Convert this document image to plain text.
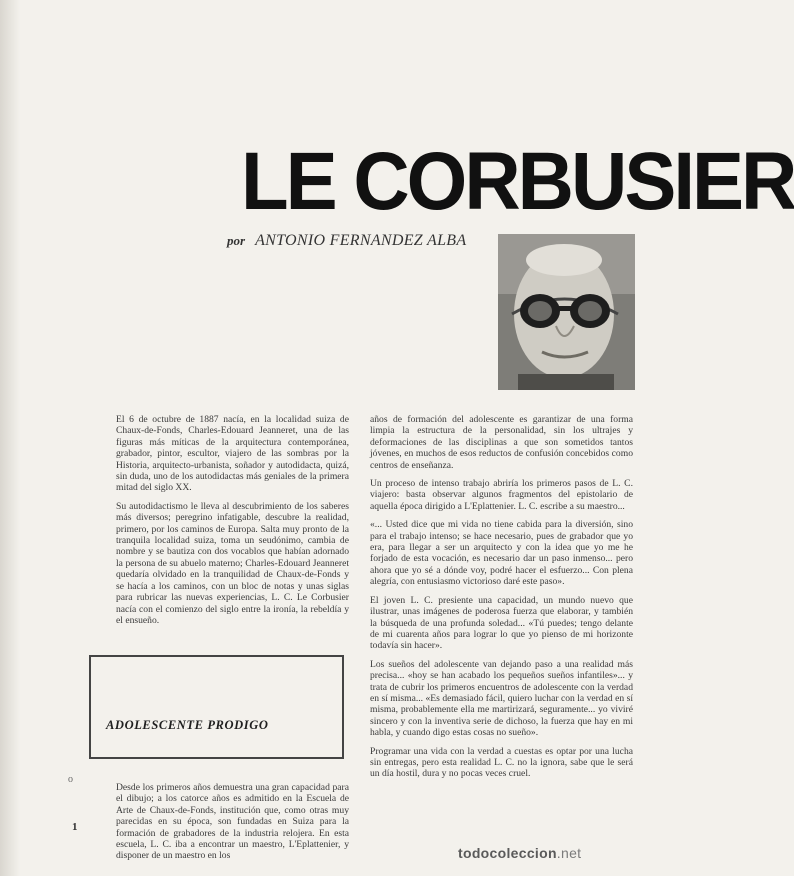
LE CORBUSIER
por ANTONIO FERNANDEZ ALBA

El 6 de octubre de 1887 nacía, en la localidad suiza de Chaux-de-Fonds, Charles-Edouard Jeanneret, una de las figuras más míticas de la arquitectura contemporánea, grabador, pintor, escultor, viajero de las sombras por la Historia, arquitecto-urbanista, soñador y autodidacta, quizá, sin duda, uno de los autodidactas más geniales de la primera mitad del siglo XX.

Su autodidactismo le lleva al descubrimiento de los saberes más diversos; peregrino infatigable, descubre la realidad, primero, por los caminos de Europa. Salta muy pronto de la tranquila localidad suiza, toma un seudónimo, cambia de nombre y se bautiza con dos vocablos que habían adornado la persona de su abuelo materno; Charles-Edouard Jeanneret quedaría olvidado en la tranquilidad de Chaux-de-Fonds y se hacía a los caminos, con un bloc de notas y unas siglas para rubricar las nuevas experiencias, L. C. Le Corbusier nacía con el comienzo del siglo entre la ironía, la rebeldía y el ensueño.

ADOLESCENTE PRODIGO
o

Desde los primeros años demuestra una gran capacidad para el dibujo; a los catorce años es admitido en la Escuela de Arte de Chaux-de-Fonds, institución que, como otras muy parecidas en su época, son fundadas en Suiza para la formación de grabadores de la industria relojera. En esta escuela, L. C. iba a encontrar un maestro, L'Eplattenier, y disponer de un maestro en los

1

años de formación del adolescente es garantizar de una forma limpia la estructura de la personalidad, sin los ultrajes y deformaciones de las disciplinas a que son sometidos tantos jóvenes, en muchos de esos reductos de confusión concebidos como centros de enseñanza.

Un proceso de intenso trabajo abriría los primeros pasos de L. C. viajero: basta observar algunos fragmentos del epistolario de aquella época dirigido a L'Eplattenier. L. C. escribe a su maestro...

«... Usted dice que mi vida no tiene cabida para la diversión, sino para el trabajo intenso; se hace necesario, pues de grabador que yo era, para llegar a ser un arquitecto y con la idea que yo me he forjado de esta vocación, es necesario dar un paso inmenso... pero ahora que yo sé a dónde voy, podré hacer el esfuerzo... Con plena alegría, con entusiasmo victorioso daré este paso».

El joven L. C. presiente una capacidad, un mundo nuevo que ilustrar, unas imágenes de poderosa fuerza que elaborar, y también la búsqueda de una profunda soledad... «Tú puedes; tengo delante de mi cuarenta años para lograr lo que yo pienso de mi horizonte todavía sin hacer».

Los sueños del adolescente van dejando paso a una realidad más precisa... «hoy se han acabado los pequeños sueños infantiles»... y trata de cubrir los primeros encuentros de adolescente con la verdad en sí misma... «Es demasiado fácil, quiero luchar con la verdad en sí misma, probablemente ella me martirizará, seguramente... yo viviré sincero y con la inventiva serie de dichoso, la fuerza que hay en mi habla, y cuando digo estas cosas no sueño».

Programar una vida con la verdad a cuestas es optar por una lucha sin entregas, pero esta realidad L. C. no la ignora, sabe que le será un día hostil, dura y no pocas veces cruel.

todocoleccion.net
